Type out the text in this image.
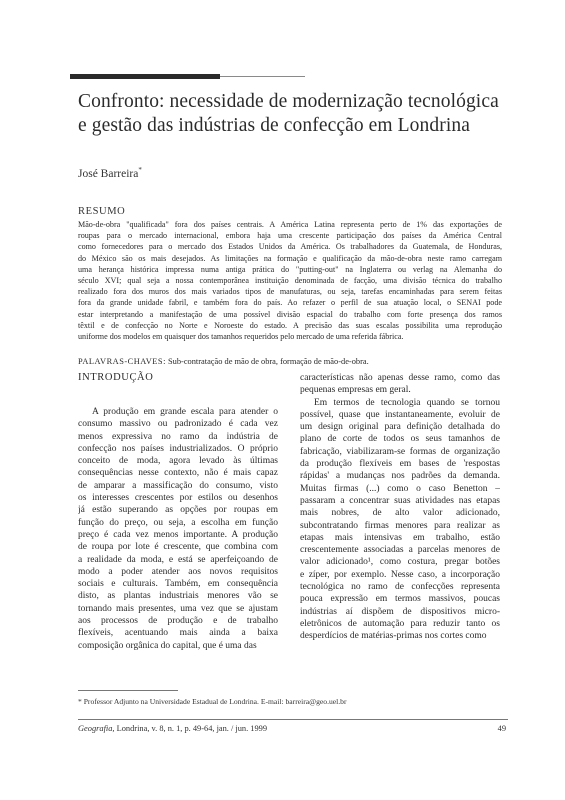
Confronto: necessidade de modernização tecnológica
e gestão das indústrias de confecção em Londrina
José Barreira*
RESUMO
Mão-de-obra "qualificada" fora dos países centrais. A América Latina representa perto de 1% das exportações de
roupas para o mercado internacional, embora haja uma crescente participação dos países da América Central
como fornecedores para o mercado dos Estados Unidos da América. Os trabalhadores da Guatemala, de Honduras,
do México são os mais desejados. As limitações na formação e qualificação da mão-de-obra neste ramo carregam
uma herança histórica impressa numa antiga prática do "putting-out" na Inglaterra ou verlag na Alemanha do
século XVI; qual seja a nossa contemporânea instituição denominada de facção, uma divisão técnica do trabalho
realizado fora dos muros dos mais variados tipos de manufaturas, ou seja, tarefas encaminhadas para serem feitas
fora da grande unidade fabril, e também fora do país. Ao refazer o perfil de sua atuação local, o SENAI pode
estar interpretando a manifestação de uma possível divisão espacial do trabalho com forte presença dos ramos
têxtil e de confecção no Norte e Noroeste do estado. A precisão das suas escalas possibilita uma reprodução
uniforme dos modelos em quaisquer dos tamanhos requeridos pelo mercado de uma referida fábrica.
PALAVRAS-CHAVES: Sub-contratação de mão de obra, formação de mão-de-obra.
INTRODUÇÃO
A produção em grande escala para atender o
consumo massivo ou padronizado é cada vez
menos expressiva no ramo da indústria de
confecção nos países industrializados. O próprio
conceito de moda, agora levado às últimas
consequências nesse contexto, não é mais capaz
de amparar a massificação do consumo, visto
os interesses crescentes por estilos ou desenhos
já estão superando as opções por roupas em
função do preço, ou seja, a escolha em função
preço é cada vez menos importante. A produção
de roupa por lote é crescente, que combina com
a realidade da moda, e está se aperfeiçoando de
modo a poder atender aos novos requisitos
sociais e culturais. Também, em consequência
disto, as plantas industriais menores vão se
tornando mais presentes, uma vez que se ajustam
aos processos de produção e de trabalho
flexíveis, acentuando mais ainda a baixa
composição orgânica do capital, que é uma das
características não apenas desse ramo, como das
pequenas empresas em geral.
Em termos de tecnologia quando se tornou
possível, quase que instantaneamente, evoluir de
um design original para definição detalhada do
plano de corte de todos os seus tamanhos de
fabricação, viabilizaram-se formas de organização
da produção flexíveis em bases de 'respostas
rápidas' a mudanças nos padrões da demanda.
Muitas firmas (...) como o caso Benetton –
passaram a concentrar suas atividades nas etapas
mais nobres, de alto valor adicionado,
subcontratando firmas menores para realizar as
etapas mais intensivas em trabalho, estão
crescentemente associadas a parcelas menores de
valor adicionado¹, como costura, pregar botões
e zíper, por exemplo. Nesse caso, a incorporação
tecnológica no ramo de confecções representa
pouca expressão em termos massivos, poucas
indústrias aí dispõem de dispositivos micro-
eletrônicos de automação para reduzir tanto os
desperdícios de matérias-primas nos cortes como
* Professor Adjunto na Universidade Estadual de Londrina. E-mail: barreira@geo.uel.br
Geografia, Londrina, v. 8, n. 1, p. 49-64, jan. / jun. 1999	49
